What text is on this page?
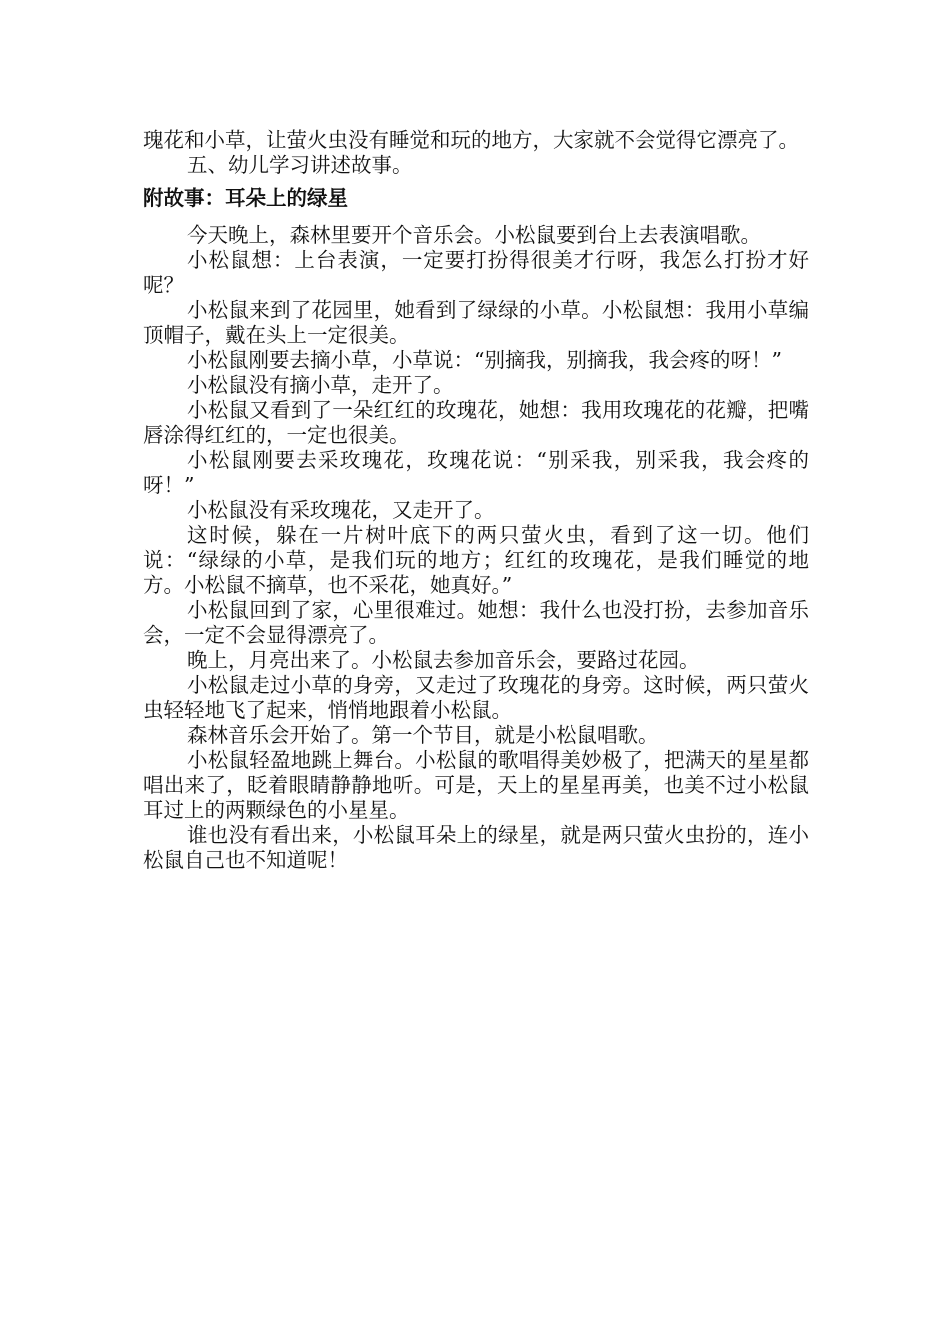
瑰花和小草，让萤火虫没有睡觉和玩的地方，大家就不会觉得它漂亮了。

五、幼儿学习讲述故事。

附故事：耳朵上的绿星

今天晚上，森林里要开个音乐会。小松鼠要到台上去表演唱歌。

小松鼠想：上台表演，一定要打扮得很美才行呀，我怎么打扮才好呢？

小松鼠来到了花园里，她看到了绿绿的小草。小松鼠想：我用小草编顶帽子，戴在头上一定很美。

小松鼠刚要去摘小草，小草说：“别摘我，别摘我，我会疼的呀！”

小松鼠没有摘小草，走开了。

小松鼠又看到了一朵红红的玫瑰花，她想：我用玫瑰花的花瓣，把嘴唇涂得红红的，一定也很美。

小松鼠刚要去采玫瑰花，玫瑰花说：“别采我，别采我，我会疼的呀！”

小松鼠没有采玫瑰花，又走开了。

这时候，躲在一片树叶底下的两只萤火虫，看到了这一切。他们说：“绿绿的小草，是我们玩的地方；红红的玫瑰花，是我们睡觉的地方。小松鼠不摘草，也不采花，她真好。”

小松鼠回到了家，心里很难过。她想：我什么也没打扮，去参加音乐会，一定不会显得漂亮了。

晚上，月亮出来了。小松鼠去参加音乐会，要路过花园。

小松鼠走过小草的身旁，又走过了玫瑰花的身旁。这时候，两只萤火虫轻轻地飞了起来，悄悄地跟着小松鼠。

森林音乐会开始了。第一个节目，就是小松鼠唱歌。

小松鼠轻盈地跳上舞台。小松鼠的歌唱得美妙极了，把满天的星星都唱出来了，眨着眼睛静静地听。可是，天上的星星再美，也美不过小松鼠耳过上的两颗绿色的小星星。

谁也没有看出来，小松鼠耳朵上的绿星，就是两只萤火虫扮的，连小松鼠自己也不知道呢！
